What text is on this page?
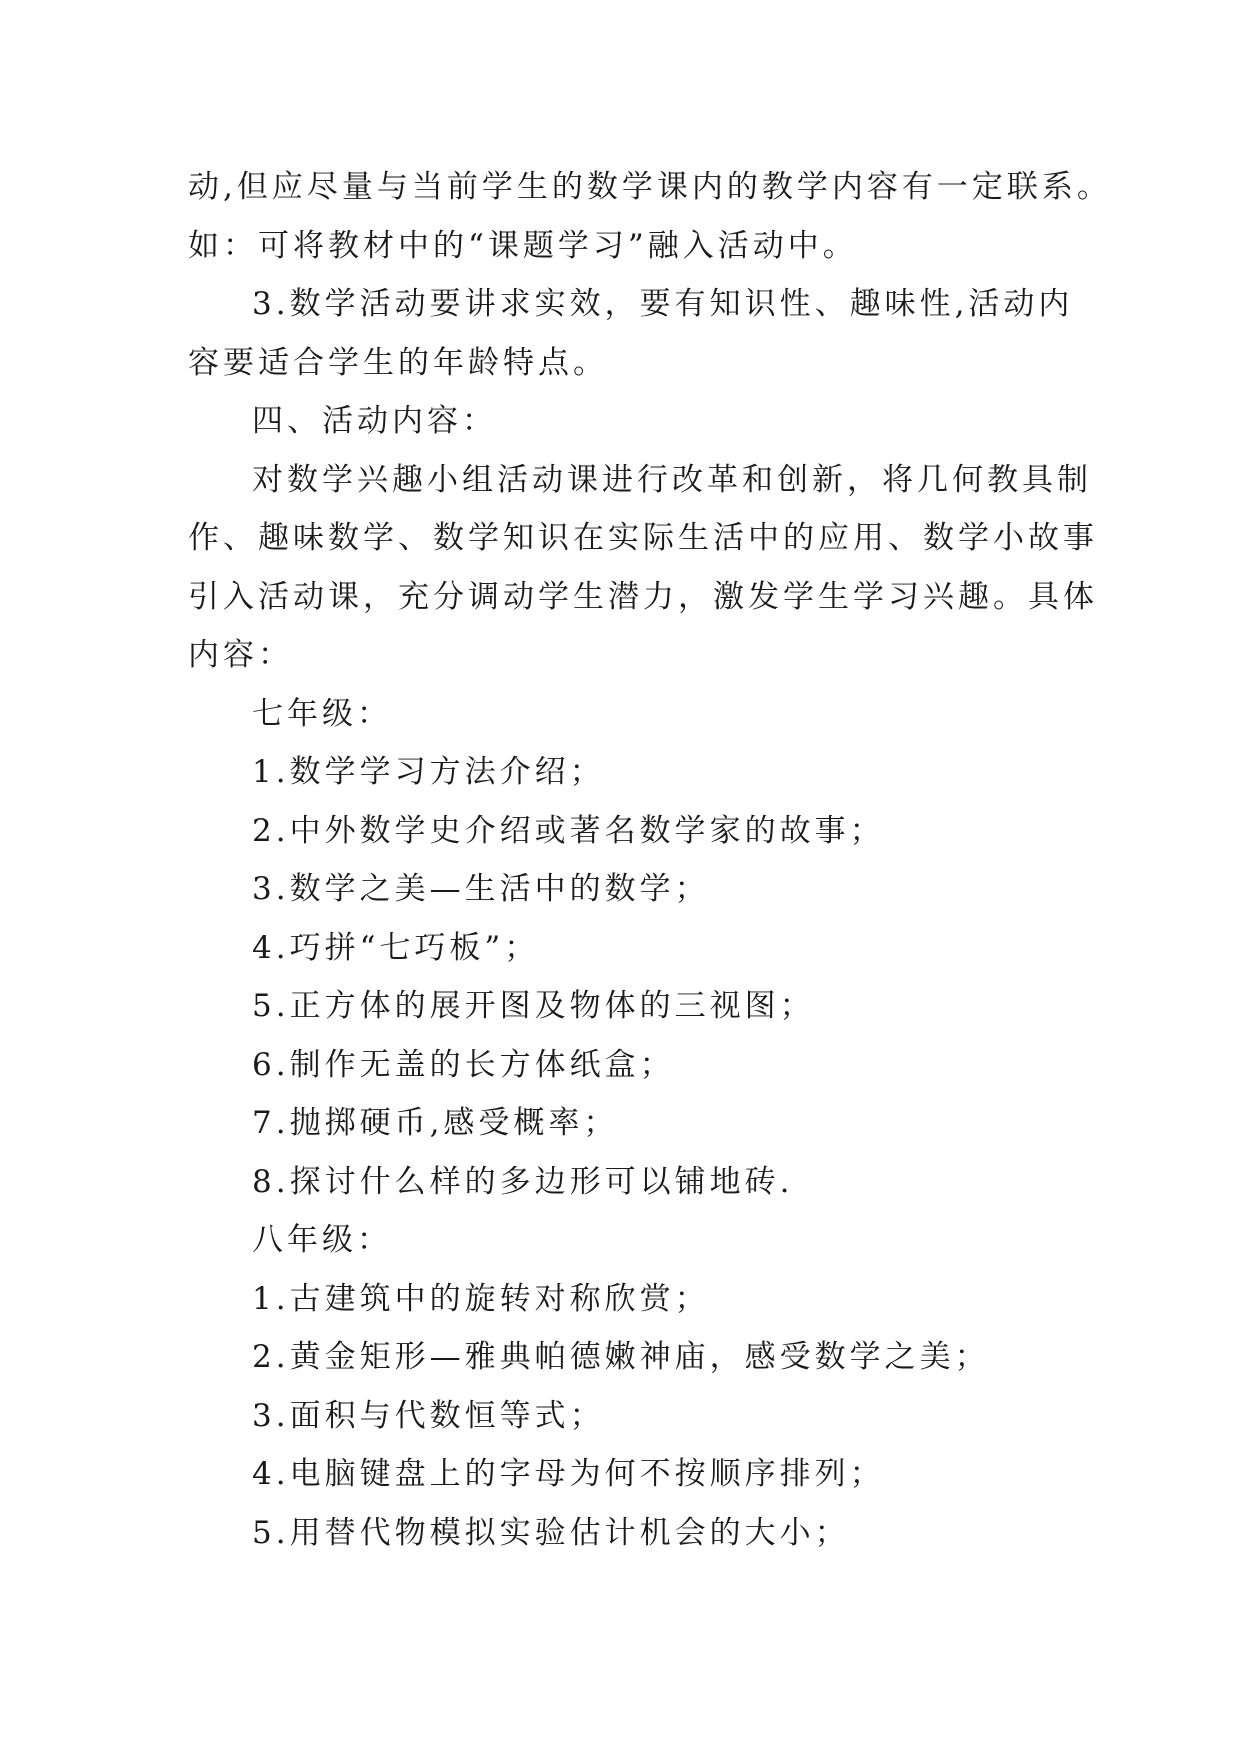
动,但应尽量与当前学生的数学课内的教学内容有一定联系。

如：可将教材中的“课题学习”融入活动中。

3.数学活动要讲求实效，要有知识性、趣味性,活动内

容要适合学生的年龄特点。

四、活动内容：

对数学兴趣小组活动课进行改革和创新，将几何教具制

作、趣味数学、数学知识在实际生活中的应用、数学小故事

引入活动课，充分调动学生潜力，激发学生学习兴趣。具体

内容：

七年级：

1.数学学习方法介绍；

2.中外数学史介绍或著名数学家的故事；

3.数学之美—生活中的数学；

4.巧拼“七巧板”；

5.正方体的展开图及物体的三视图；

6.制作无盖的长方体纸盒；

7.抛掷硬币,感受概率；

8.探讨什么样的多边形可以铺地砖.

八年级：

1.古建筑中的旋转对称欣赏；

2.黄金矩形—雅典帕德嫩神庙，感受数学之美；

3.面积与代数恒等式；

4.电脑键盘上的字母为何不按顺序排列；

5.用替代物模拟实验估计机会的大小；
